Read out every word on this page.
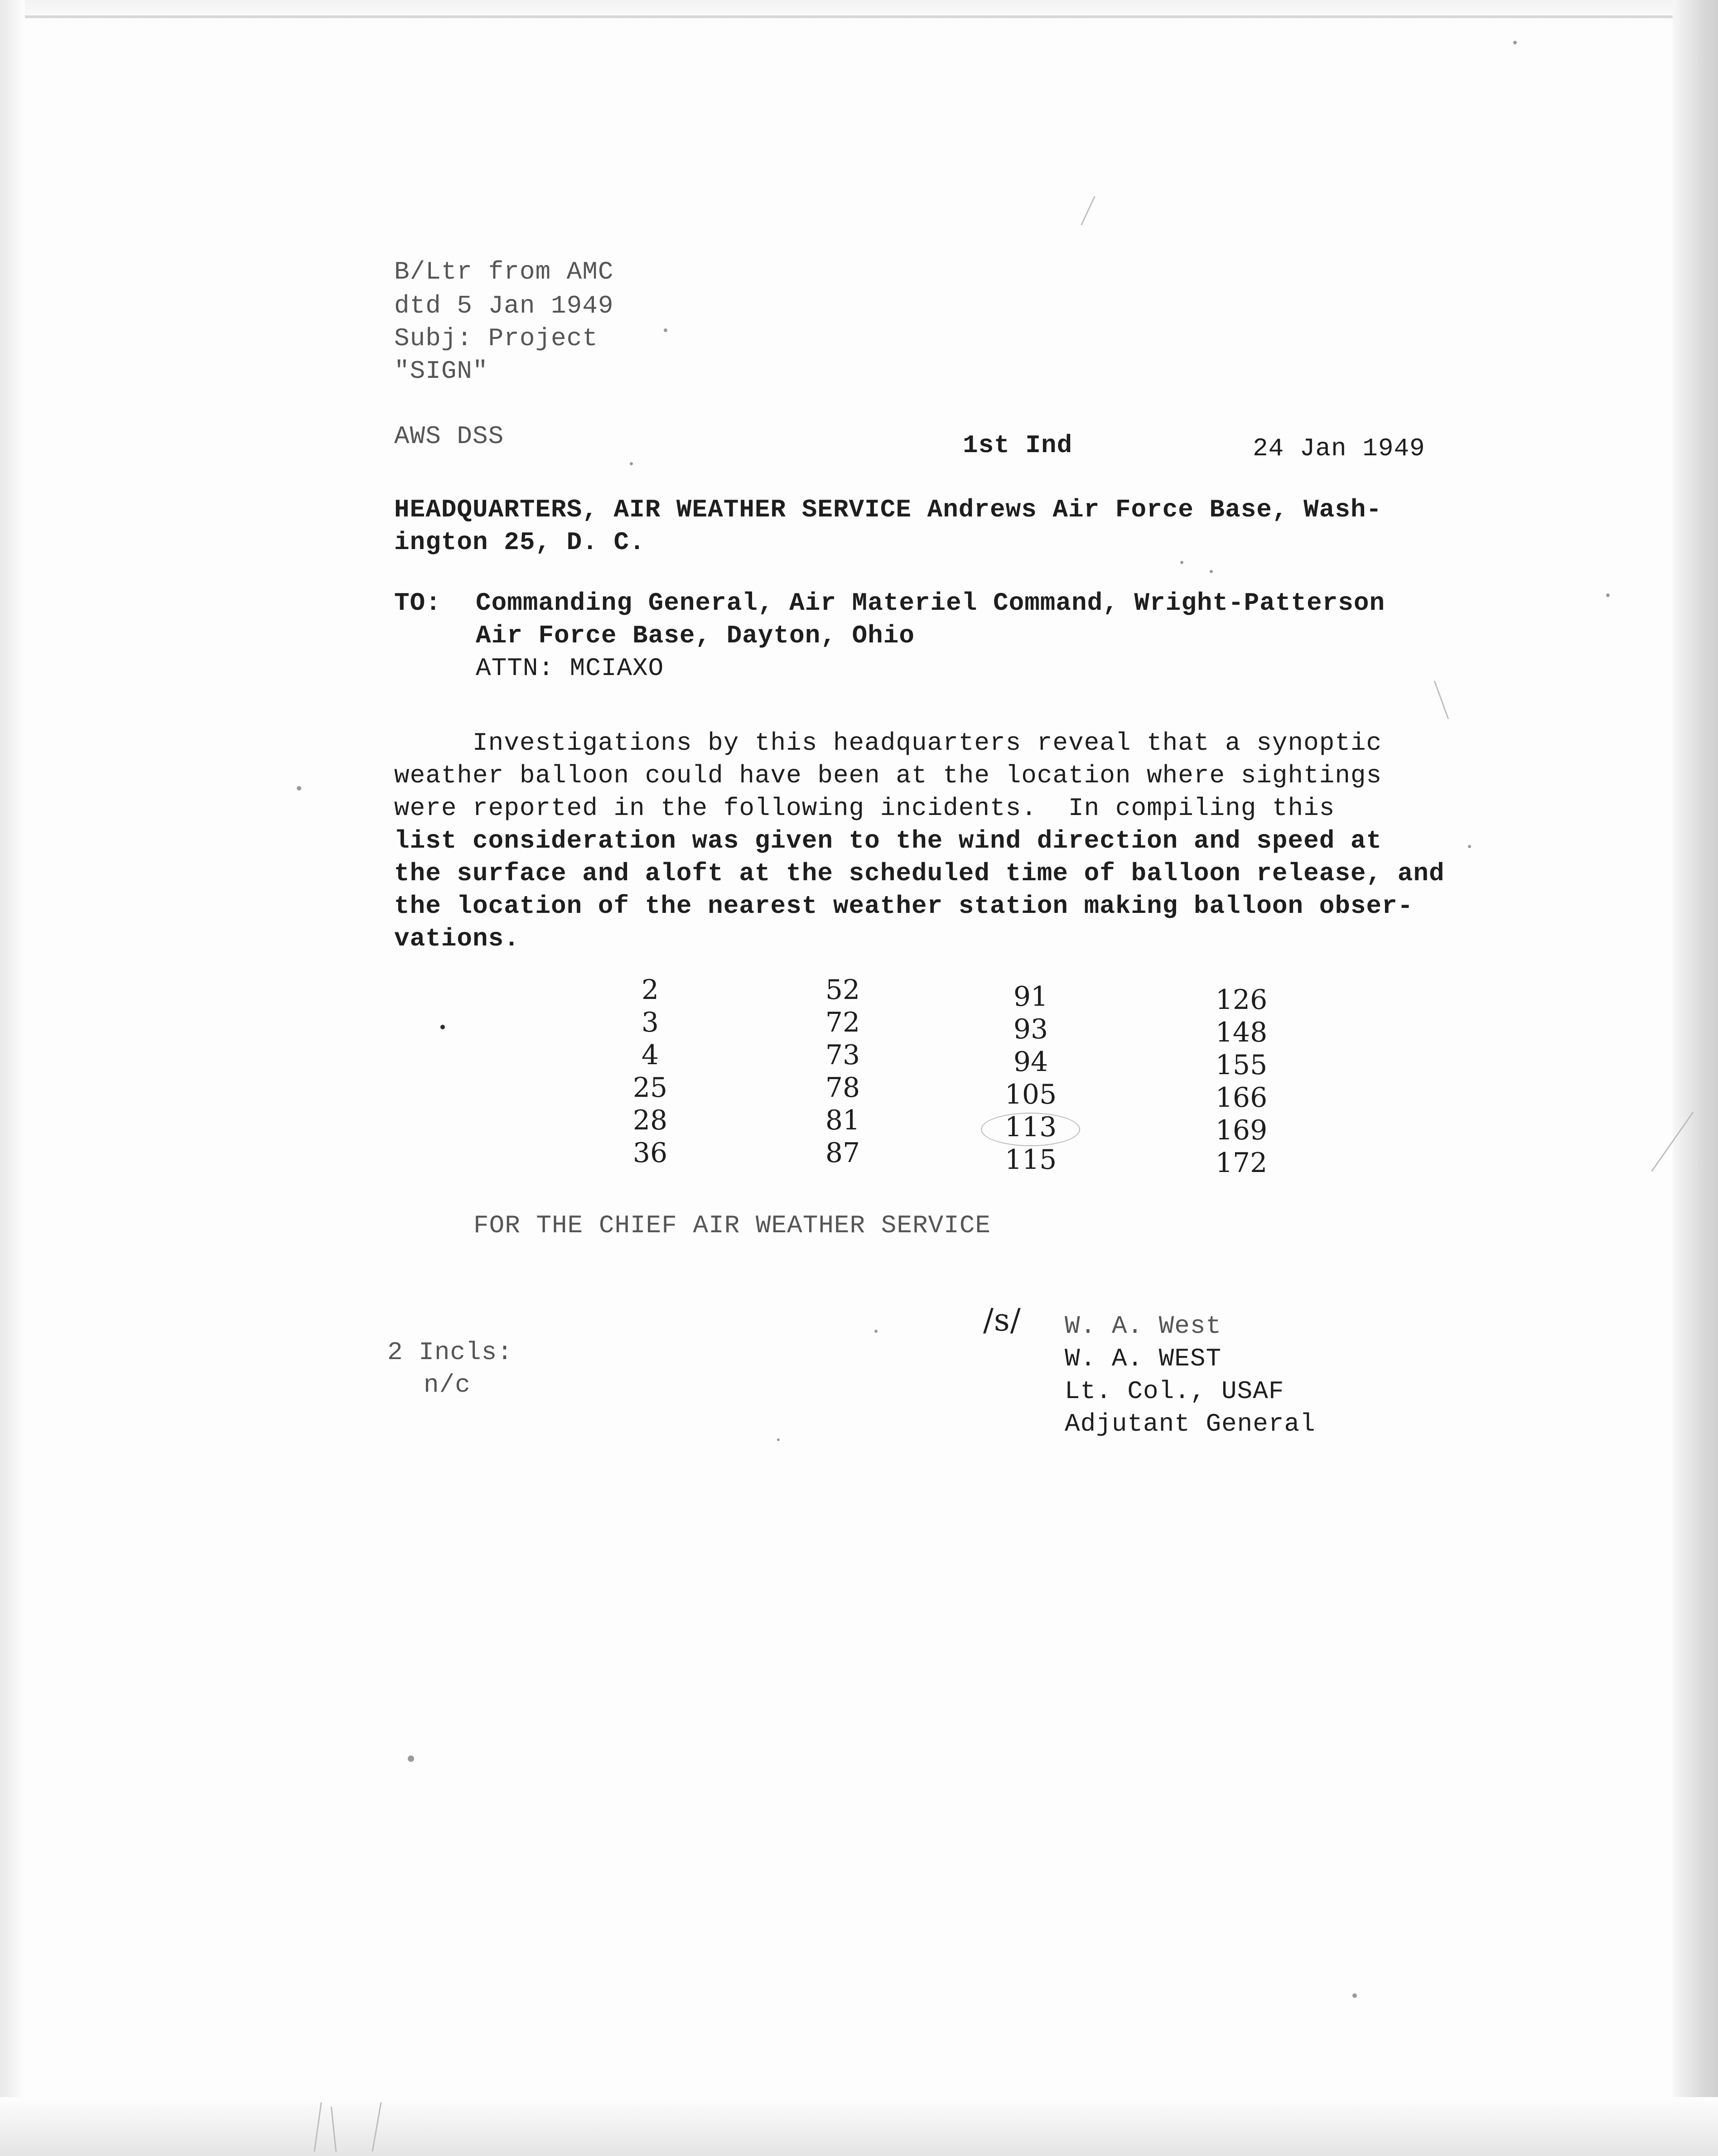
B/Ltr from AMC
dtd 5 Jan 1949
Subj: Project
"SIGN"
AWS DSS	1st Ind	24 Jan 1949
HEADQUARTERS, AIR WEATHER SERVICE Andrews Air Force Base, Wash-
ington 25, D. C.
TO: Commanding General, Air Materiel Command, Wright-Patterson
Air Force Base, Dayton, Ohio
ATTN: MCIAXO
Investigations by this headquarters reveal that a synoptic
weather balloon could have been at the location where sightings
were reported in the following incidents.  In compiling this
list consideration was given to the wind direction and speed at
the surface and aloft at the scheduled time of balloon release, and
the location of the nearest weather station making balloon obser-
vations.
2
3
4
25
28
36
52
72
73
78
81
87
91
93
94
105
113
115
126
148
155
166
169
172
FOR THE CHIEF AIR WEATHER SERVICE
2 Incls:
n/c
/s/ W. A. West
W. A. WEST
Lt. Col., USAF
Adjutant General
